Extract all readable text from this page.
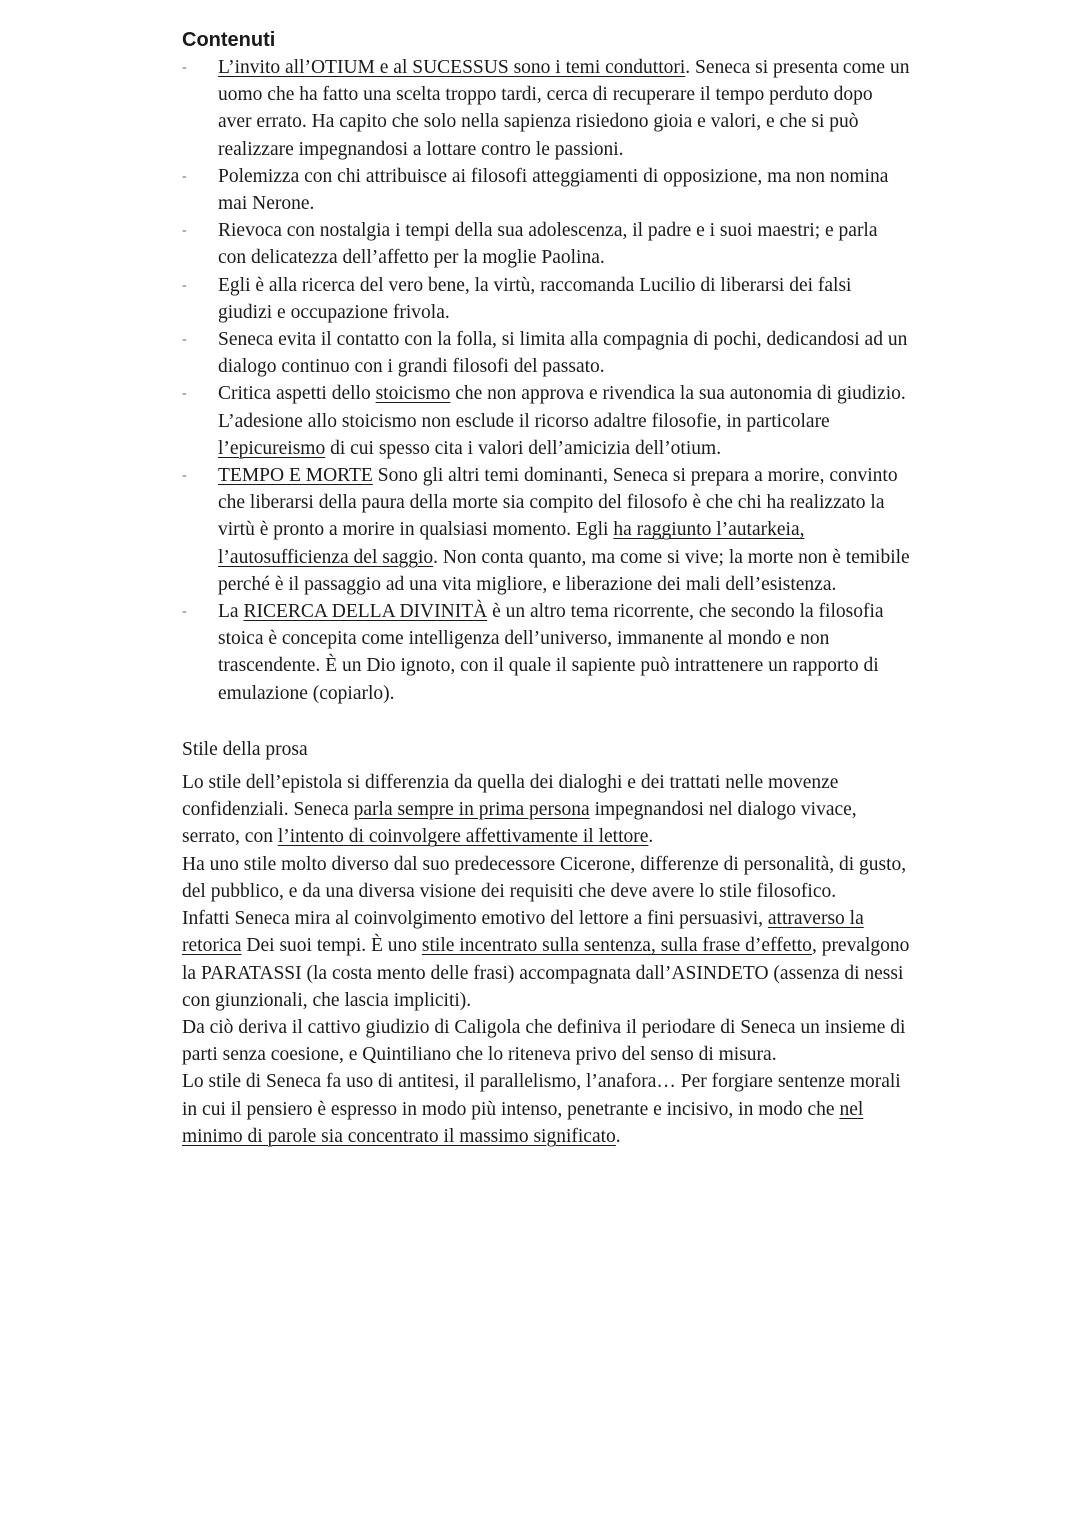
Contenuti
- L’invito all’OTIUM e al SUCESSUS sono i temi conduttori. Seneca si presenta come un uomo che ha fatto una scelta troppo tardi, cerca di recuperare il tempo perduto dopo aver errato. Ha capito che solo nella sapienza risiedono gioia e valori, e che si può realizzare impegnandosi a lottare contro le passioni.
- Polemizza con chi attribuisce ai filosofi atteggiamenti di opposizione, ma non nomina mai Nerone.
- Rievoca con nostalgia i tempi della sua adolescenza, il padre e i suoi maestri; e parla con delicatezza dell’affetto per la moglie Paolina.
- Egli è alla ricerca del vero bene, la virtù, raccomanda Lucilio di liberarsi dei falsi giudizi e occupazione frivola.
- Seneca evita il contatto con la folla, si limita alla compagnia di pochi, dedicandosi ad un dialogo continuo con i grandi filosofi del passato.
- Critica aspetti dello stoicismo che non approva e rivendica la sua autonomia di giudizio. L’adesione allo stoicismo non esclude il ricorso adaltre filosofie, in particolare l’epicureismo di cui spesso cita i valori dell’amicizia dell’otium.
- TEMPO E MORTE Sono gli altri temi dominanti, Seneca si prepara a morire, convinto che liberarsi della paura della morte sia compito del filosofo è che chi ha realizzato la virtù è pronto a morire in qualsiasi momento. Egli ha raggiunto l’autarkeia, l’autosufficienza del saggio. Non conta quanto, ma come si vive; la morte non è temibile perché è il passaggio ad una vita migliore, e liberazione dei mali dell’esistenza.
- La RICERCA DELLA DIVINITÀ è un altro tema ricorrente, che secondo la filosofia stoica è concepita come intelligenza dell’universo, immanente al mondo e non trascendente. È un Dio ignoto, con il quale il sapiente può intrattenere un rapporto di emulazione (copiarlo).
Stile della prosa

Lo stile dell’epistola si differenzia da quella dei dialoghi e dei trattati nelle movenze confidenziali. Seneca parla sempre in prima persona impegnandosi nel dialogo vivace, serrato, con l’intento di coinvolgere affettivamente il lettore.

Ha uno stile molto diverso dal suo predecessore Cicerone, differenze di personalità, di gusto, del pubblico, e da una diversa visione dei requisiti che deve avere lo stile filosofico.

Infatti Seneca mira al coinvolgimento emotivo del lettore a fini persuasivi, attraverso la retorica Dei suoi tempi. È uno stile incentrato sulla sentenza, sulla frase d’effetto, prevalgono la PARATASSI (la costa mento delle frasi) accompagnata dall’ASINDETO (assenza di nessi con giunzionali, che lascia impliciti).

Da ciò deriva il cattivo giudizio di Caligola che definiva il periodare di Seneca un insieme di parti senza coesione, e Quintiliano che lo riteneva privo del senso di misura.

Lo stile di Seneca fa uso di antitesi, il parallelismo, l’anafora… Per forgiare sentenze morali in cui il pensiero è espresso in modo più intenso, penetrante e incisivo, in modo che nel minimo di parole sia concentrato il massimo significato.
